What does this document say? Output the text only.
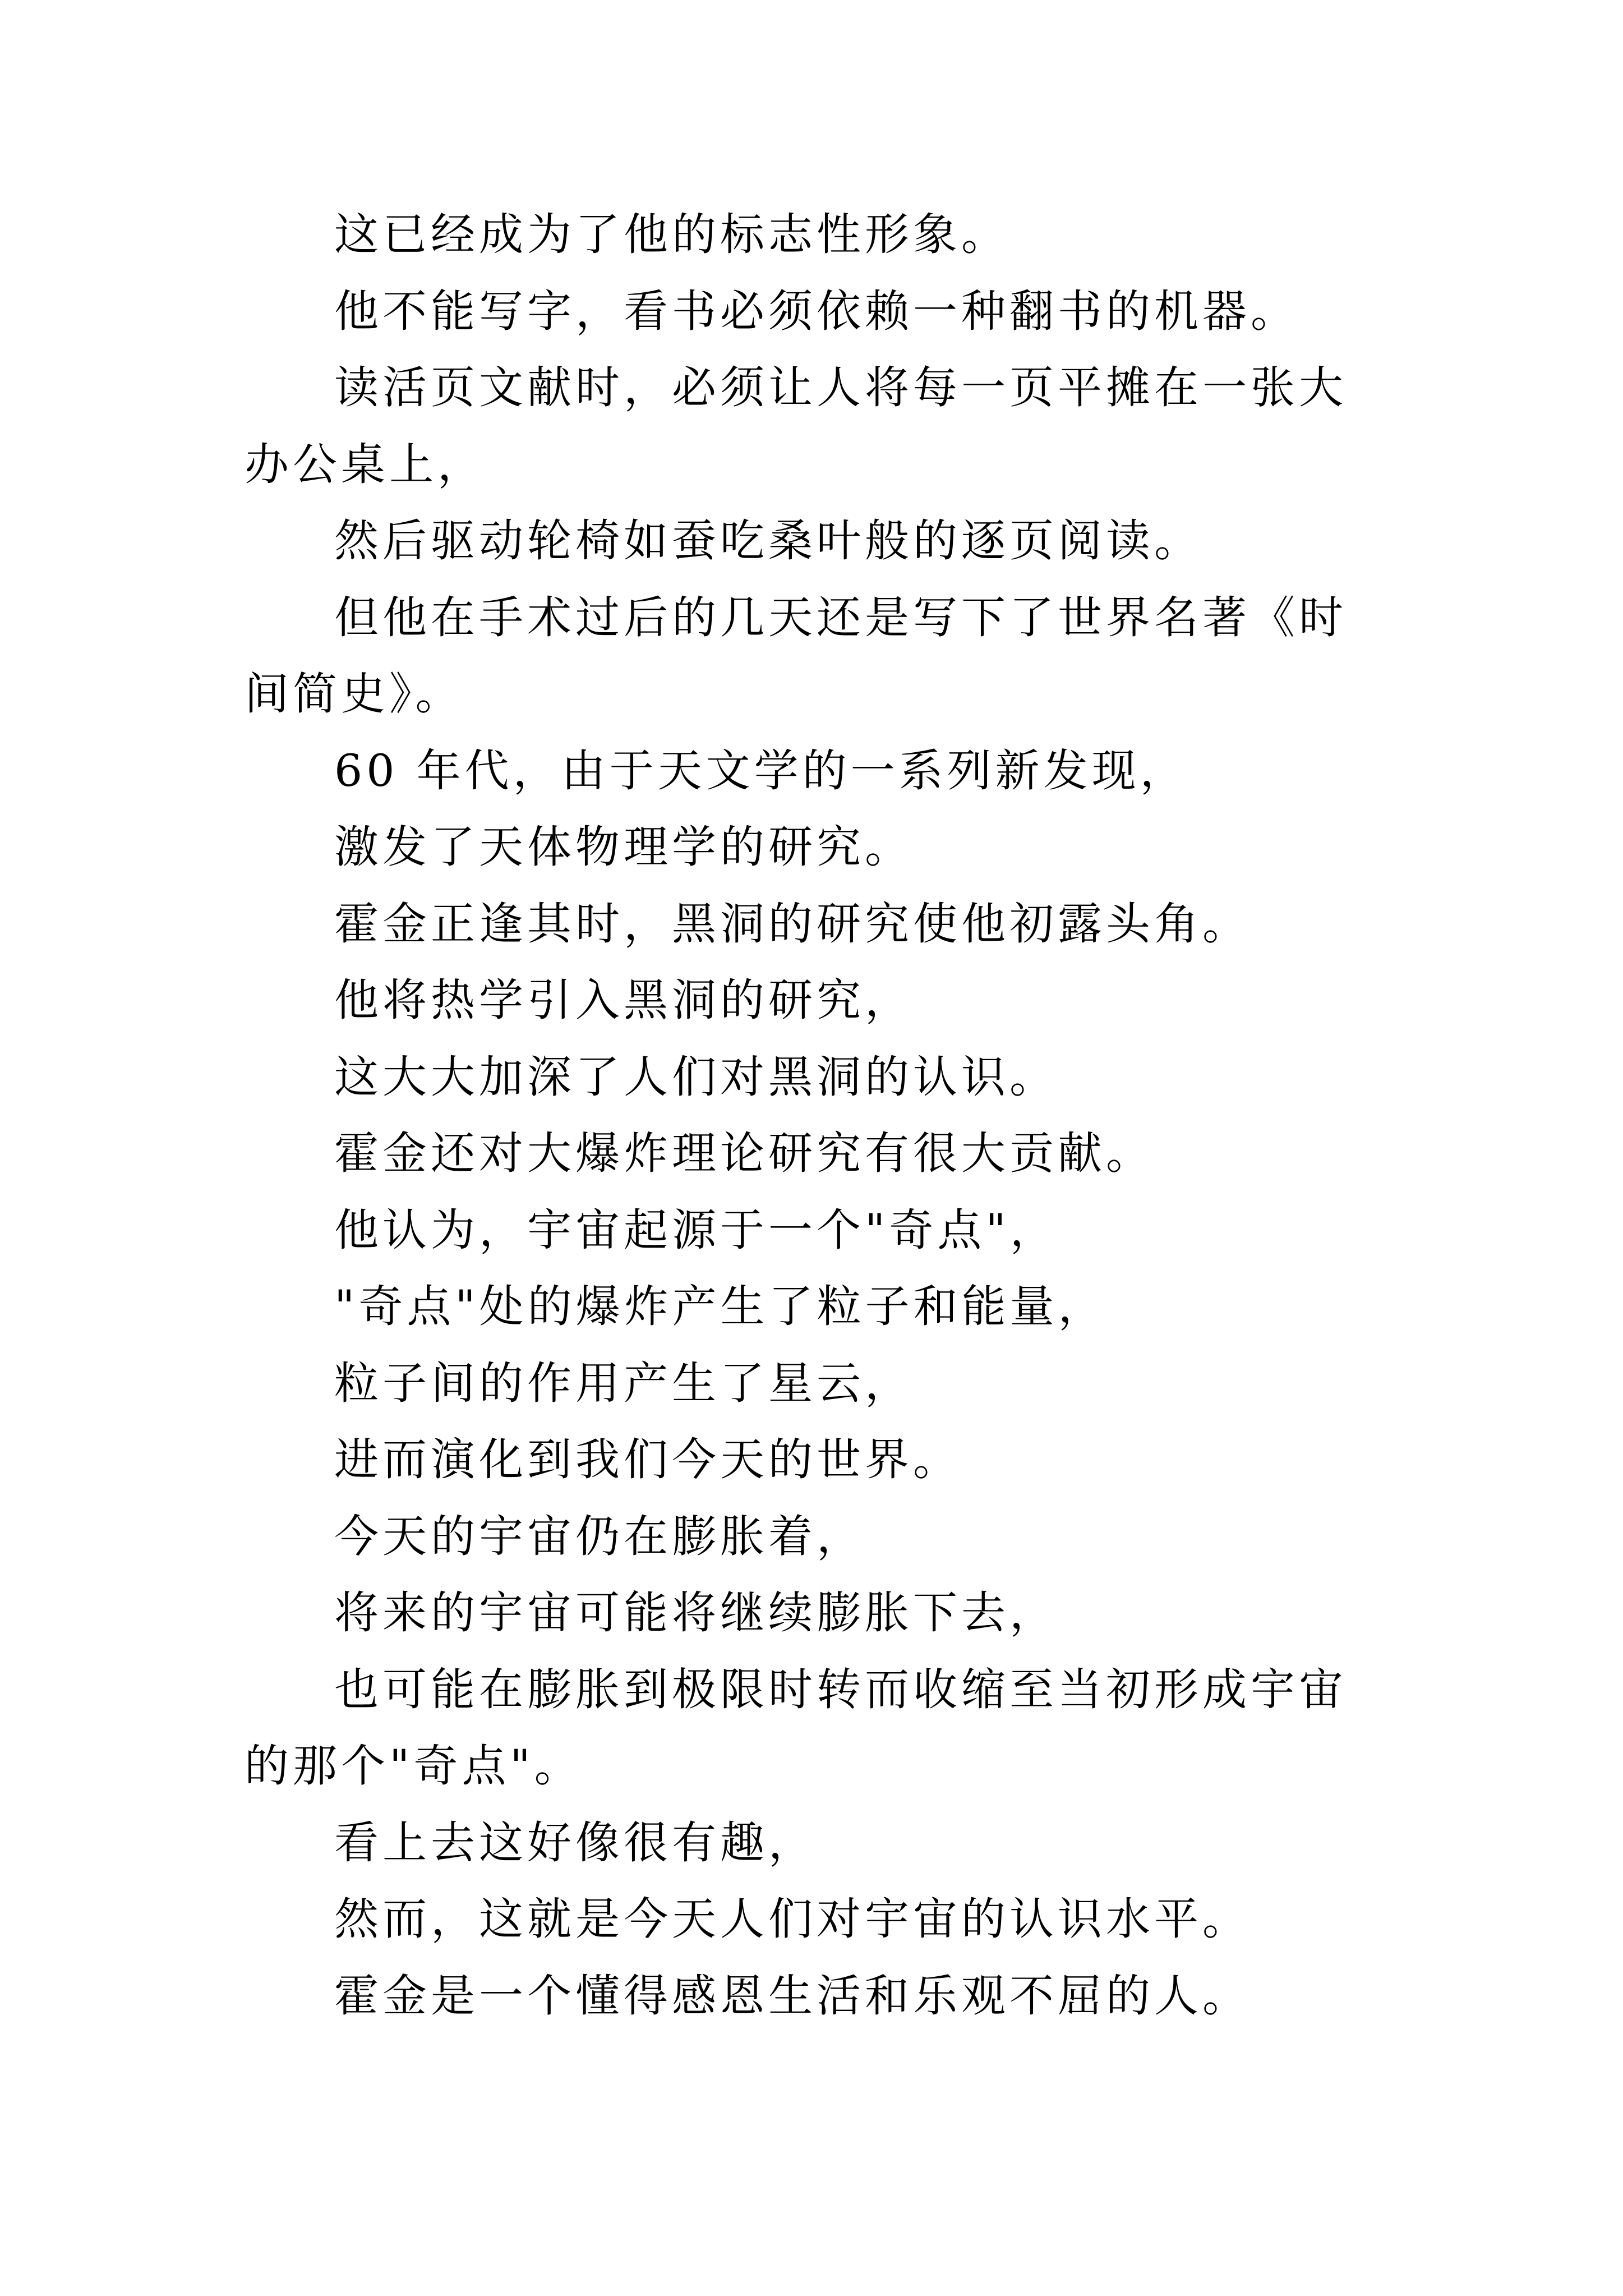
这已经成为了他的标志性形象。

他不能写字，看书必须依赖一种翻书的机器。

读活页文献时，必须让人将每一页平摊在一张大办公桌上，

然后驱动轮椅如蚕吃桑叶般的逐页阅读。

但他在手术过后的几天还是写下了世界名著《时间简史》。

60 年代，由于天文学的一系列新发现，

激发了天体物理学的研究。

霍金正逢其时，黑洞的研究使他初露头角。

他将热学引入黑洞的研究，

这大大加深了人们对黑洞的认识。

霍金还对大爆炸理论研究有很大贡献。

他认为，宇宙起源于一个"奇点"，

"奇点"处的爆炸产生了粒子和能量，

粒子间的作用产生了星云，

进而演化到我们今天的世界。

今天的宇宙仍在膨胀着，

将来的宇宙可能将继续膨胀下去，

也可能在膨胀到极限时转而收缩至当初形成宇宙的那个"奇点"。

看上去这好像很有趣，

然而，这就是今天人们对宇宙的认识水平。

霍金是一个懂得感恩生活和乐观不屈的人。
